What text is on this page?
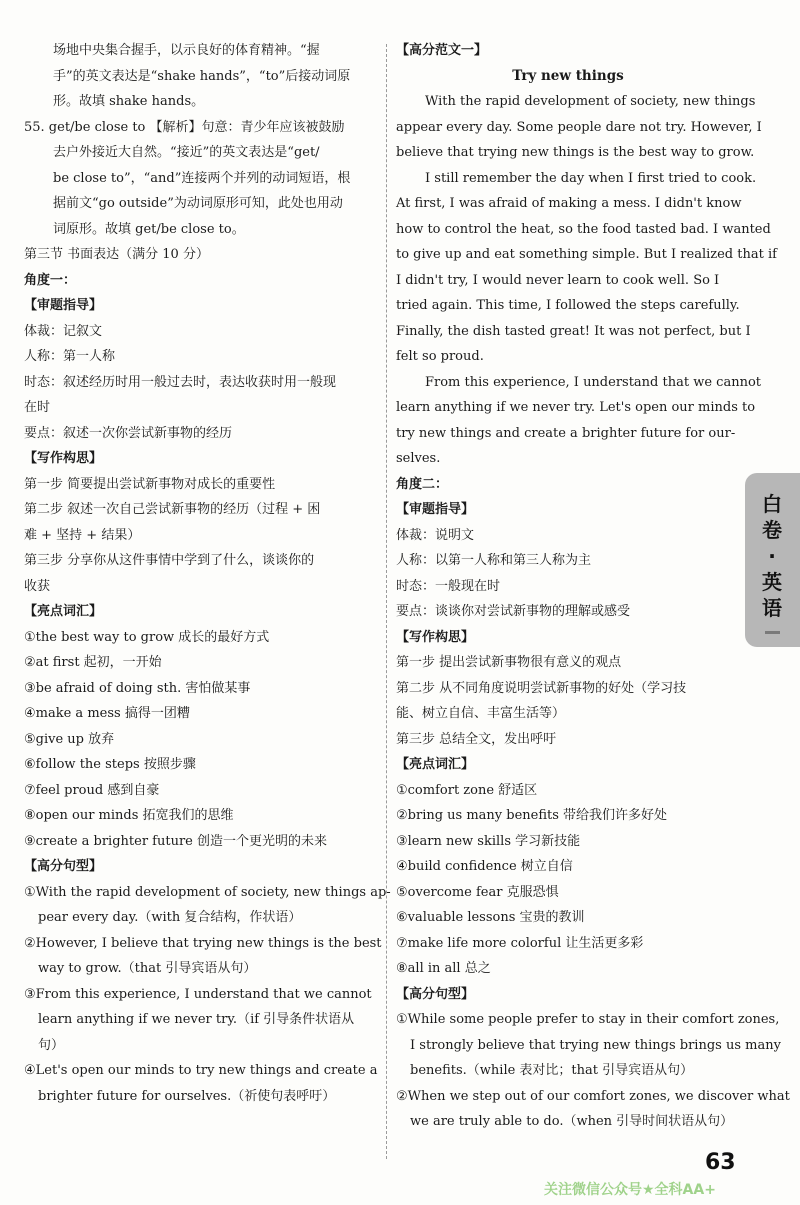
场地中央集合握手，以示良好的体育精神。“握
手”的英文表达是“shake hands”，“to”后接动词原
形。故填 shake hands。
55. get/be close to 【解析】句意：青少年应该被鼓励
去户外接近大自然。“接近”的英文表达是“get/
be close to”，“and”连接两个并列的动词短语，根
据前文“go outside”为动词原形可知，此处也用动
词原形。故填 get/be close to。
第三节 书面表达（满分 10 分）
角度一：
【审题指导】
体裁：记叙文
人称：第一人称
时态：叙述经历时用一般过去时，表达收获时用一般现
在时
要点：叙述一次你尝试新事物的经历
【写作构思】
第一步 简要提出尝试新事物对成长的重要性
第二步 叙述一次自己尝试新事物的经历（过程 + 困
难 + 坚持 + 结果）
第三步 分享你从这件事情中学到了什么，谈谈你的
收获
【亮点词汇】
①the best way to grow 成长的最好方式
②at first 起初，一开始
③be afraid of doing sth. 害怕做某事
④make a mess 搞得一团糟
⑤give up 放弃
⑥follow the steps 按照步骤
⑦feel proud 感到自豪
⑧open our minds 拓宽我们的思维
⑨create a brighter future 创造一个更光明的未来
【高分句型】
①With the rapid development of society, new things ap-
pear every day.（with 复合结构，作状语）
②However, I believe that trying new things is the best
way to grow.（that 引导宾语从句）
③From this experience, I understand that we cannot
learn anything if we never try.（if 引导条件状语从
句）
④Let's open our minds to try new things and create a
brighter future for ourselves.（祈使句表呼吁）
【高分范文一】
Try new things
With the rapid development of society, new things
appear every day. Some people dare not try. However, I
believe that trying new things is the best way to grow.
I still remember the day when I first tried to cook.
At first, I was afraid of making a mess. I didn't know
how to control the heat, so the food tasted bad. I wanted
to give up and eat something simple. But I realized that if
I didn't try, I would never learn to cook well. So I
tried again. This time, I followed the steps carefully.
Finally, the dish tasted great! It was not perfect, but I
felt so proud.
From this experience, I understand that we cannot
learn anything if we never try. Let's open our minds to
try new things and create a brighter future for our-
selves.
角度二：
【审题指导】
体裁：说明文
人称：以第一人称和第三人称为主
时态：一般现在时
要点：谈谈你对尝试新事物的理解或感受
【写作构思】
第一步 提出尝试新事物很有意义的观点
第二步 从不同角度说明尝试新事物的好处（学习技
能、树立自信、丰富生活等）
第三步 总结全文，发出呼吁
【亮点词汇】
①comfort zone 舒适区
②bring us many benefits 带给我们许多好处
③learn new skills 学习新技能
④build confidence 树立自信
⑤overcome fear 克服恐惧
⑥valuable lessons 宝贵的教训
⑦make life more colorful 让生活更多彩
⑧all in all 总之
【高分句型】
①While some people prefer to stay in their comfort zones,
I strongly believe that trying new things brings us many
benefits.（while 表对比；that 引导宾语从句）
②When we step out of our comfort zones, we discover what
we are truly able to do.（when 引导时间状语从句）
白卷·英语
63
关注微信公众号★全科AA+
